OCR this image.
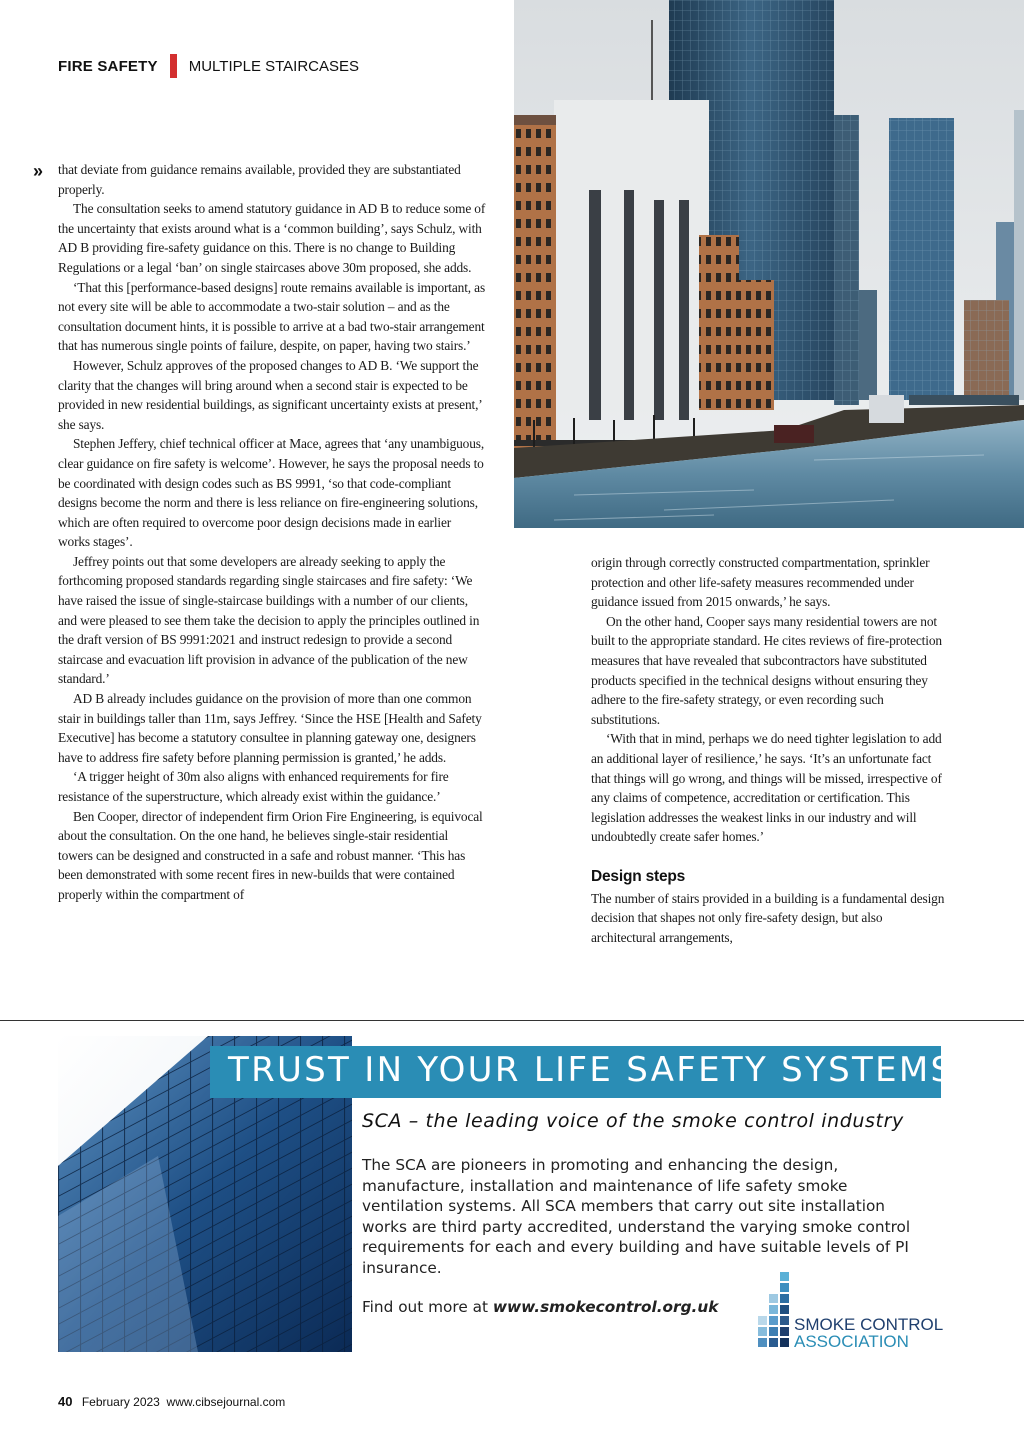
FIRE SAFETY MULTIPLE STAIRCASES
» that deviate from guidance remains available, provided they are substantiated properly.

The consultation seeks to amend statutory guidance in AD B to reduce some of the uncertainty that exists around what is a ‘common building’, says Schulz, with AD B providing fire-safety guidance on this. There is no change to Building Regulations or a legal ‘ban’ on single staircases above 30m proposed, she adds.

‘That this [performance-based designs] route remains available is important, as not every site will be able to accommodate a two-stair solution – and as the consultation document hints, it is possible to arrive at a bad two-stair arrangement that has numerous single points of failure, despite, on paper, having two stairs.’

However, Schulz approves of the proposed changes to AD B. ‘We support the clarity that the changes will bring around when a second stair is expected to be provided in new residential buildings, as significant uncertainty exists at present,’ she says.

Stephen Jeffery, chief technical officer at Mace, agrees that ‘any unambiguous, clear guidance on fire safety is welcome’. However, he says the proposal needs to be coordinated with design codes such as BS 9991, ‘so that code-compliant designs become the norm and there is less reliance on fire-engineering solutions, which are often required to overcome poor design decisions made in earlier works stages’.

Jeffrey points out that some developers are already seeking to apply the forthcoming proposed standards regarding single staircases and fire safety: ‘We have raised the issue of single-staircase buildings with a number of our clients, and were pleased to see them take the decision to apply the principles outlined in the draft version of BS 9991:2021 and instruct redesign to provide a second staircase and evacuation lift provision in advance of the publication of the new standard.’

AD B already includes guidance on the provision of more than one common stair in buildings taller than 11m, says Jeffrey. ‘Since the HSE [Health and Safety Executive] has become a statutory consultee in planning gateway one, designers have to address fire safety before planning permission is granted,’ he adds.

‘A trigger height of 30m also aligns with enhanced requirements for fire resistance of the superstructure, which already exist within the guidance.’

Ben Cooper, director of independent firm Orion Fire Engineering, is equivocal about the consultation. On the one hand, he believes single-stair residential towers can be designed and constructed in a safe and robust manner. ‘This has been demonstrated with some recent fires in new-builds that were contained properly within the compartment of

origin through correctly constructed compartmentation, sprinkler protection and other life-safety measures recommended under guidance issued from 2015 onwards,’ he says.

On the other hand, Cooper says many residential towers are not built to the appropriate standard. He cites reviews of fire-protection measures that have revealed that subcontractors have substituted products specified in the technical designs without ensuring they adhere to the fire-safety strategy, or even recording such substitutions.

‘With that in mind, perhaps we do need tighter legislation to add an additional layer of resilience,’ he says. ‘It’s an unfortunate fact that things will go wrong, and things will be missed, irrespective of any claims of competence, accreditation or certification. This legislation addresses the weakest links in our industry and will undoubtedly create safer homes.’

Design steps

The number of stairs provided in a building is a fundamental design decision that shapes not only fire-safety design, but also architectural arrangements,

TRUST IN YOUR LIFE SAFETY SYSTEMS
SCA – the leading voice of the smoke control industry
The SCA are pioneers in promoting and enhancing the design, manufacture, installation and maintenance of life safety smoke ventilation systems. All SCA members that carry out site installation works are third party accredited, understand the varying smoke control requirements for each and every building and have suitable levels of PI insurance.
Find out more at www.smokecontrol.org.uk
SMOKE CONTROL
ASSOCIATION
40 February 2023 www.cibsejournal.com
